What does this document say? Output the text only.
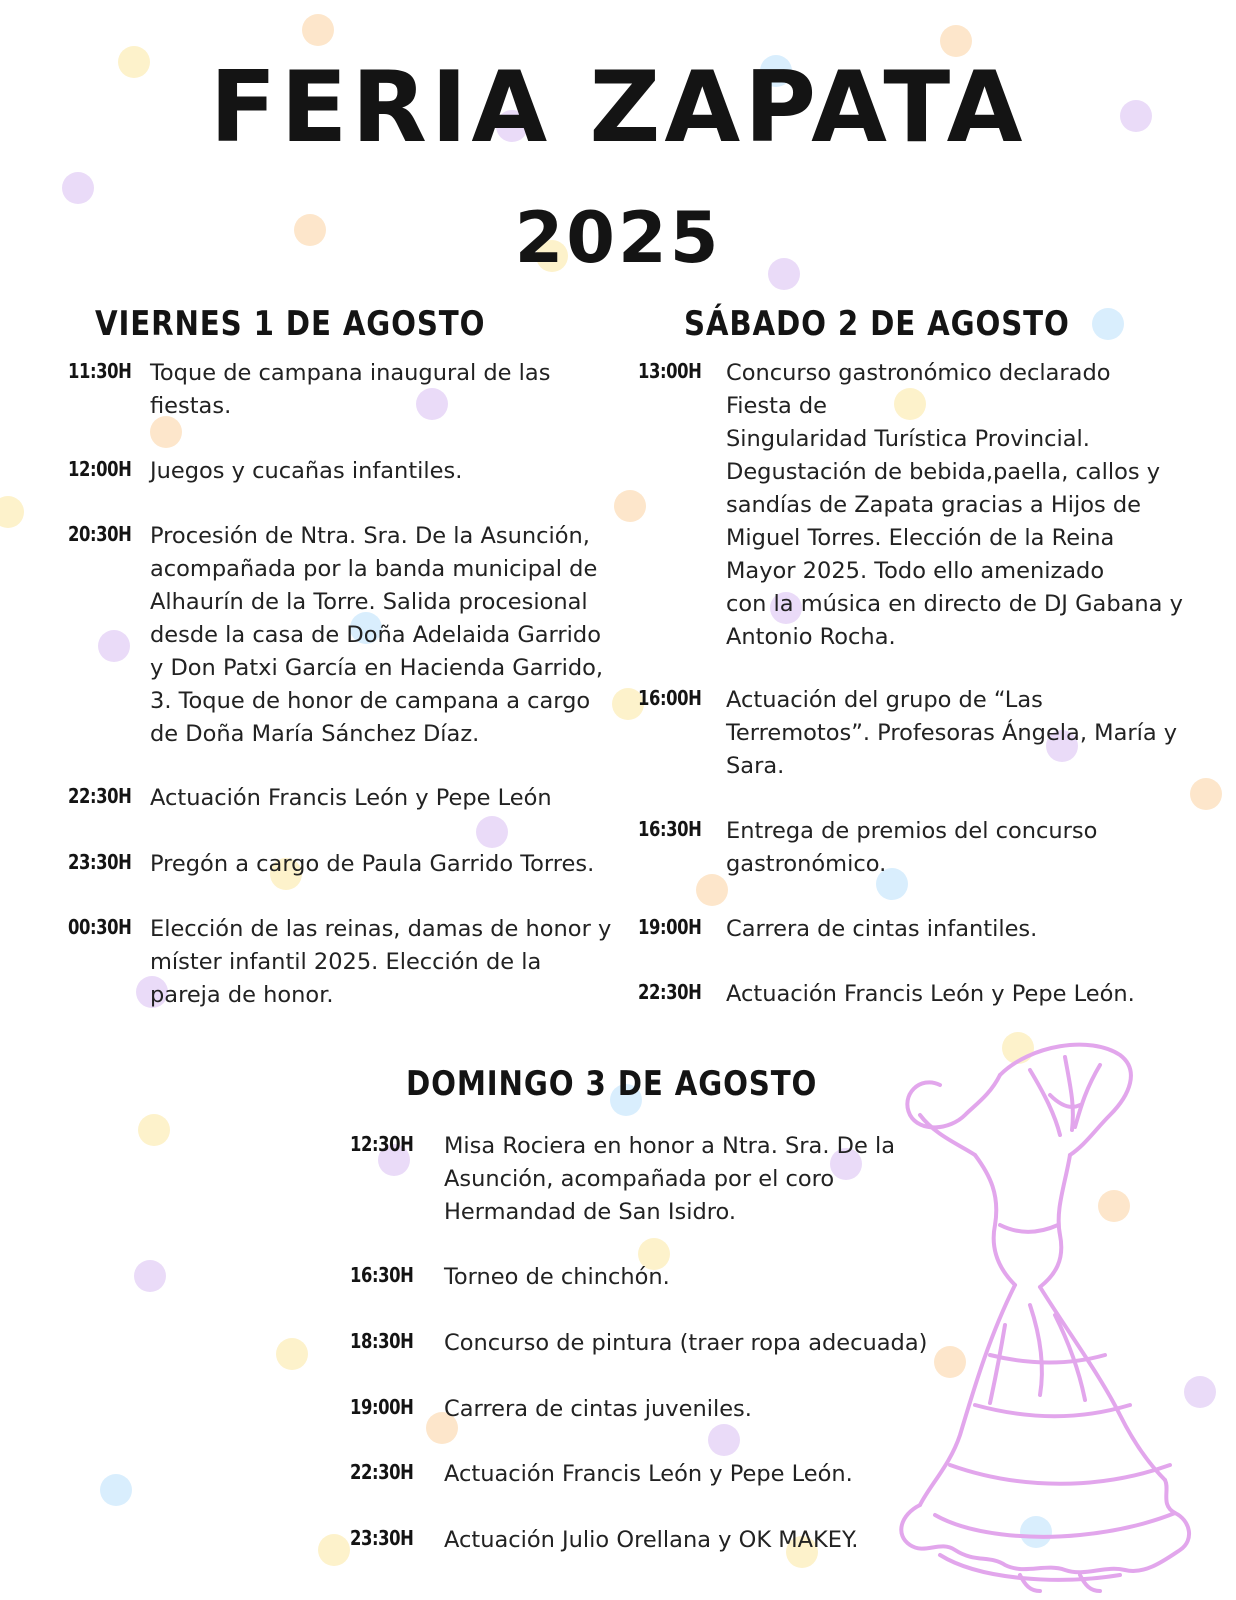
FERIA ZAPATA
2025
VIERNES 1 DE AGOSTO	SÁBADO 2 DE AGOSTO
DOMINGO 3 DE AGOSTO
11:30H Toque de campana inaugural de las
fiestas.
12:00H Juegos y cucañas infantiles.
20:30H Procesión de Ntra. Sra. De la Asunción,
acompañada por la banda municipal de
Alhaurín de la Torre. Salida procesional
desde la casa de Doña Adelaida Garrido
y Don Patxi García en Hacienda Garrido,
3. Toque de honor de campana a cargo
de Doña María Sánchez Díaz.
22:30H Actuación Francis León y Pepe León
23:30H Pregón a cargo de Paula Garrido Torres.
00:30H Elección de las reinas, damas de honor y
míster infantil 2025. Elección de la
pareja de honor.
13:00H Concurso gastronómico declarado
Fiesta de
Singularidad Turística Provincial.
Degustación de bebida,paella, callos y
sandías de Zapata gracias a Hijos de
Miguel Torres. Elección de la Reina
Mayor 2025. Todo ello amenizado
con la música en directo de DJ Gabana y
Antonio Rocha.
16:00H Actuación del grupo de “Las
Terremotos”. Profesoras Ángela, María y
Sara.
16:30H Entrega de premios del concurso
gastronómico.
19:00H Carrera de cintas infantiles.
22:30H Actuación Francis León y Pepe León.
12:30H Misa Rociera en honor a Ntra. Sra. De la
Asunción, acompañada por el coro
Hermandad de San Isidro.
16:30H Torneo de chinchón.
18:30H Concurso de pintura (traer ropa adecuada)
19:00H Carrera de cintas juveniles.
22:30H Actuación Francis León y Pepe León.
23:30H Actuación Julio Orellana y OK MAKEY.
